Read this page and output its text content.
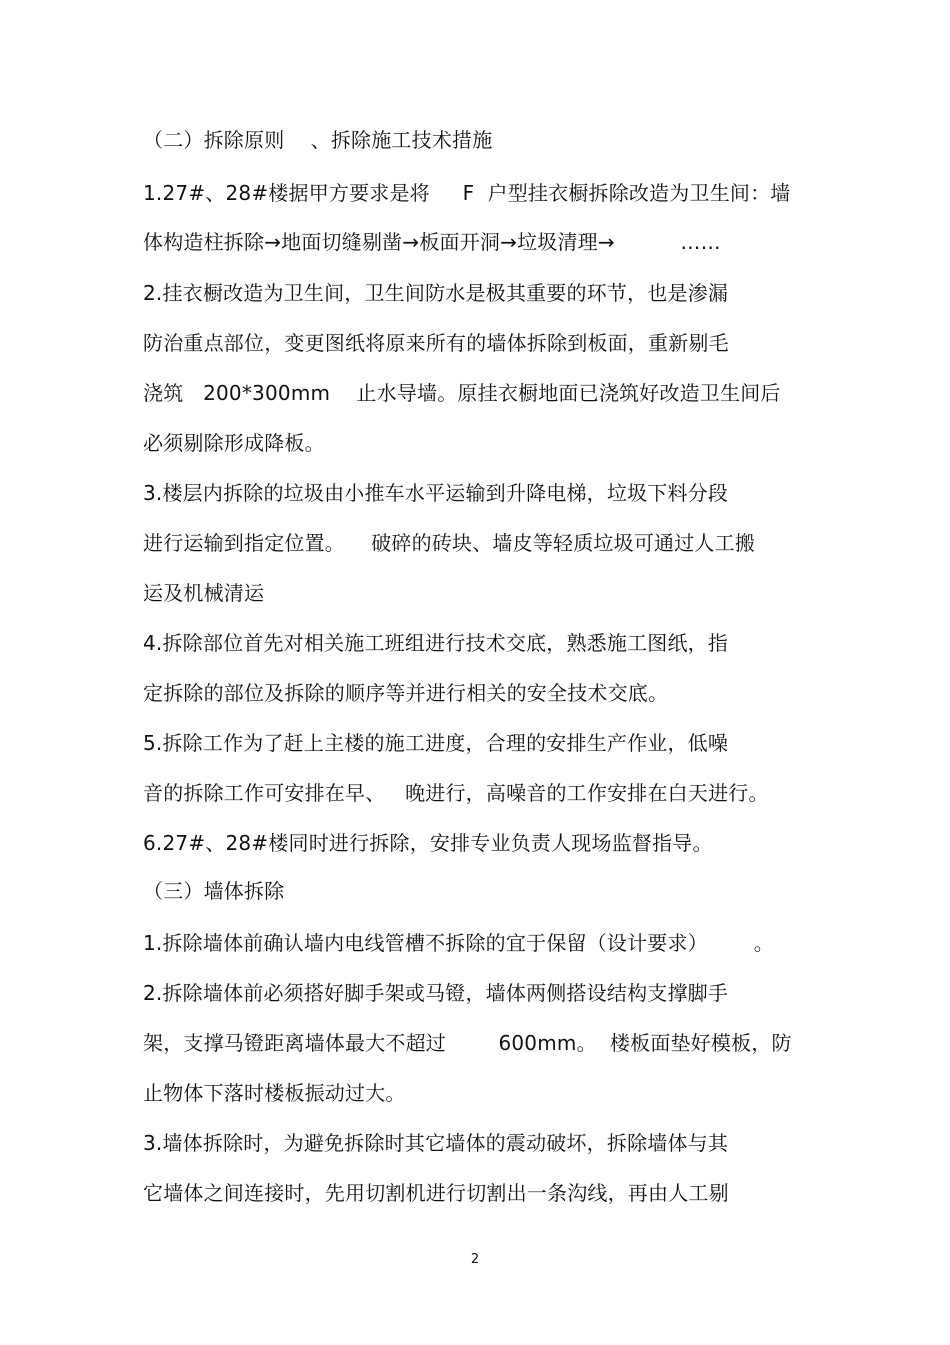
（二）拆除原则    、拆除施工技术措施
1.27#、28#楼据甲方要求是将     F  户型挂衣橱拆除改造为卫生间：墙
体构造柱拆除→地面切缝剔凿→板面开洞→垃圾清理→          ……
2.挂衣橱改造为卫生间，卫生间防水是极其重要的环节，也是渗漏
防治重点部位，变更图纸将原来所有的墙体拆除到板面，重新剔毛
浇筑   200*300mm    止水导墙。原挂衣橱地面已浇筑好改造卫生间后
必须剔除形成降板。
3.楼层内拆除的垃圾由小推车水平运输到升降电梯，垃圾下料分段
进行运输到指定位置。    破碎的砖块、墙皮等轻质垃圾可通过人工搬
运及机械清运
4.拆除部位首先对相关施工班组进行技术交底，熟悉施工图纸，指
定拆除的部位及拆除的顺序等并进行相关的安全技术交底。
5.拆除工作为了赶上主楼的施工进度，合理的安排生产作业，低噪
音的拆除工作可安排在早、   晚进行，高噪音的工作安排在白天进行。
6.27#、28#楼同时进行拆除，安排专业负责人现场监督指导。
（三）墙体拆除
1.拆除墙体前确认墙内电线管槽不拆除的宜于保留（设计要求）       。
2.拆除墙体前必须搭好脚手架或马镫，墙体两侧搭设结构支撑脚手
架，支撑马镫距离墙体最大不超过        600mm。  楼板面垫好模板，防
止物体下落时楼板振动过大。
3.墙体拆除时，为避免拆除时其它墙体的震动破坏，拆除墙体与其
它墙体之间连接时，先用切割机进行切割出一条沟线，再由人工剔
2
